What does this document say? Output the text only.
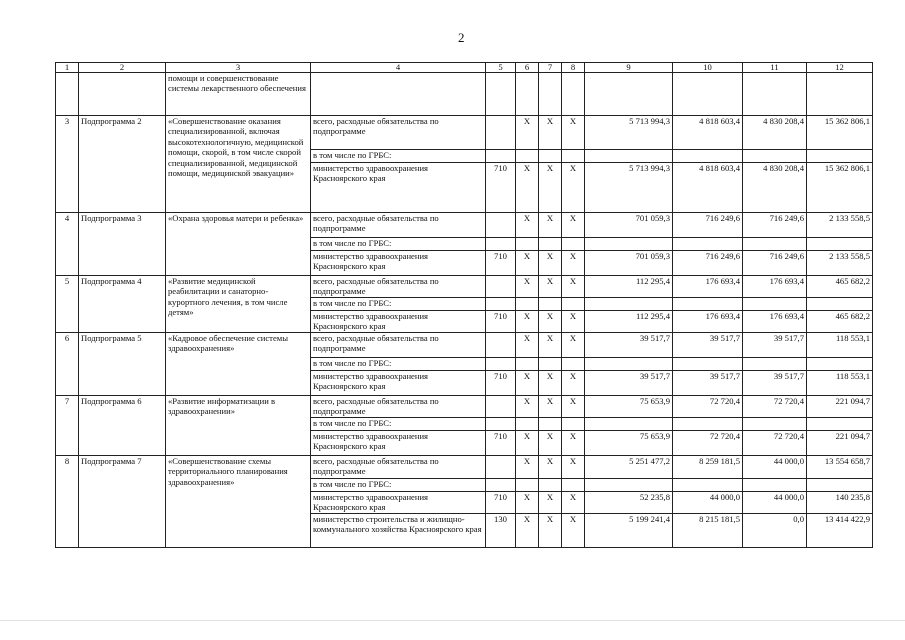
2
1	2	3	4	5	6	7	8	9	10	11	12
		помощи и совершенствование системы лекарственного обеспечения									
3	Подпрограмма 2	«Совершенствование оказания специализированной, включая высокотехнологичную, медицинской помощи, скорой, в том числе скорой специализированной, медицинской помощи, медицинской эвакуации»	всего, расходные обязательства по подпрограмме		Х	Х	Х	5 713 994,3	4 818 603,4	4 830 208,4	15 362 806,1
			в том числе по ГРБС:								
			министерство здравоохранения Красноярского края	710	Х	Х	Х	5 713 994,3	4 818 603,4	4 830 208,4	15 362 806,1
4	Подпрограмма 3	«Охрана здоровья матери и ребенка»	всего, расходные обязательства по подпрограмме		Х	Х	Х	701 059,3	716 249,6	716 249,6	2 133 558,5
			в том числе по ГРБС:								
			министерство здравоохранения Красноярского края	710	Х	Х	Х	701 059,3	716 249,6	716 249,6	2 133 558,5
5	Подпрограмма 4	«Развитие медицинской реабилитации и санаторно-курортного лечения, в том числе детям»	всего, расходные обязательства по подпрограмме		Х	Х	Х	112 295,4	176 693,4	176 693,4	465 682,2
			в том числе по ГРБС:								
			министерство здравоохранения Красноярского края	710	Х	Х	Х	112 295,4	176 693,4	176 693,4	465 682,2
6	Подпрограмма 5	«Кадровое обеспечение системы здравоохранения»	всего, расходные обязательства по подпрограмме		Х	Х	Х	39 517,7	39 517,7	39 517,7	118 553,1
			в том числе по ГРБС:								
			министерство здравоохранения Красноярского края	710	Х	Х	Х	39 517,7	39 517,7	39 517,7	118 553,1
7	Подпрограмма 6	«Развитие информатизации в здравоохранении»	всего, расходные обязательства по подпрограмме		Х	Х	Х	75 653,9	72 720,4	72 720,4	221 094,7
			в том числе по ГРБС:								
			министерство здравоохранения Красноярского края	710	Х	Х	Х	75 653,9	72 720,4	72 720,4	221 094,7
8	Подпрограмма 7	«Совершенствование схемы территориального планирования здравоохранения»	всего, расходные обязательства по подпрограмме		Х	Х	Х	5 251 477,2	8 259 181,5	44 000,0	13 554 658,7
			в том числе по ГРБС:								
			министерство здравоохранения Красноярского края	710	Х	Х	Х	52 235,8	44 000,0	44 000,0	140 235,8
			министерство строительства и жилищно-коммунального хозяйства Красноярского края	130	Х	Х	Х	5 199 241,4	8 215 181,5	0,0	13 414 422,9
